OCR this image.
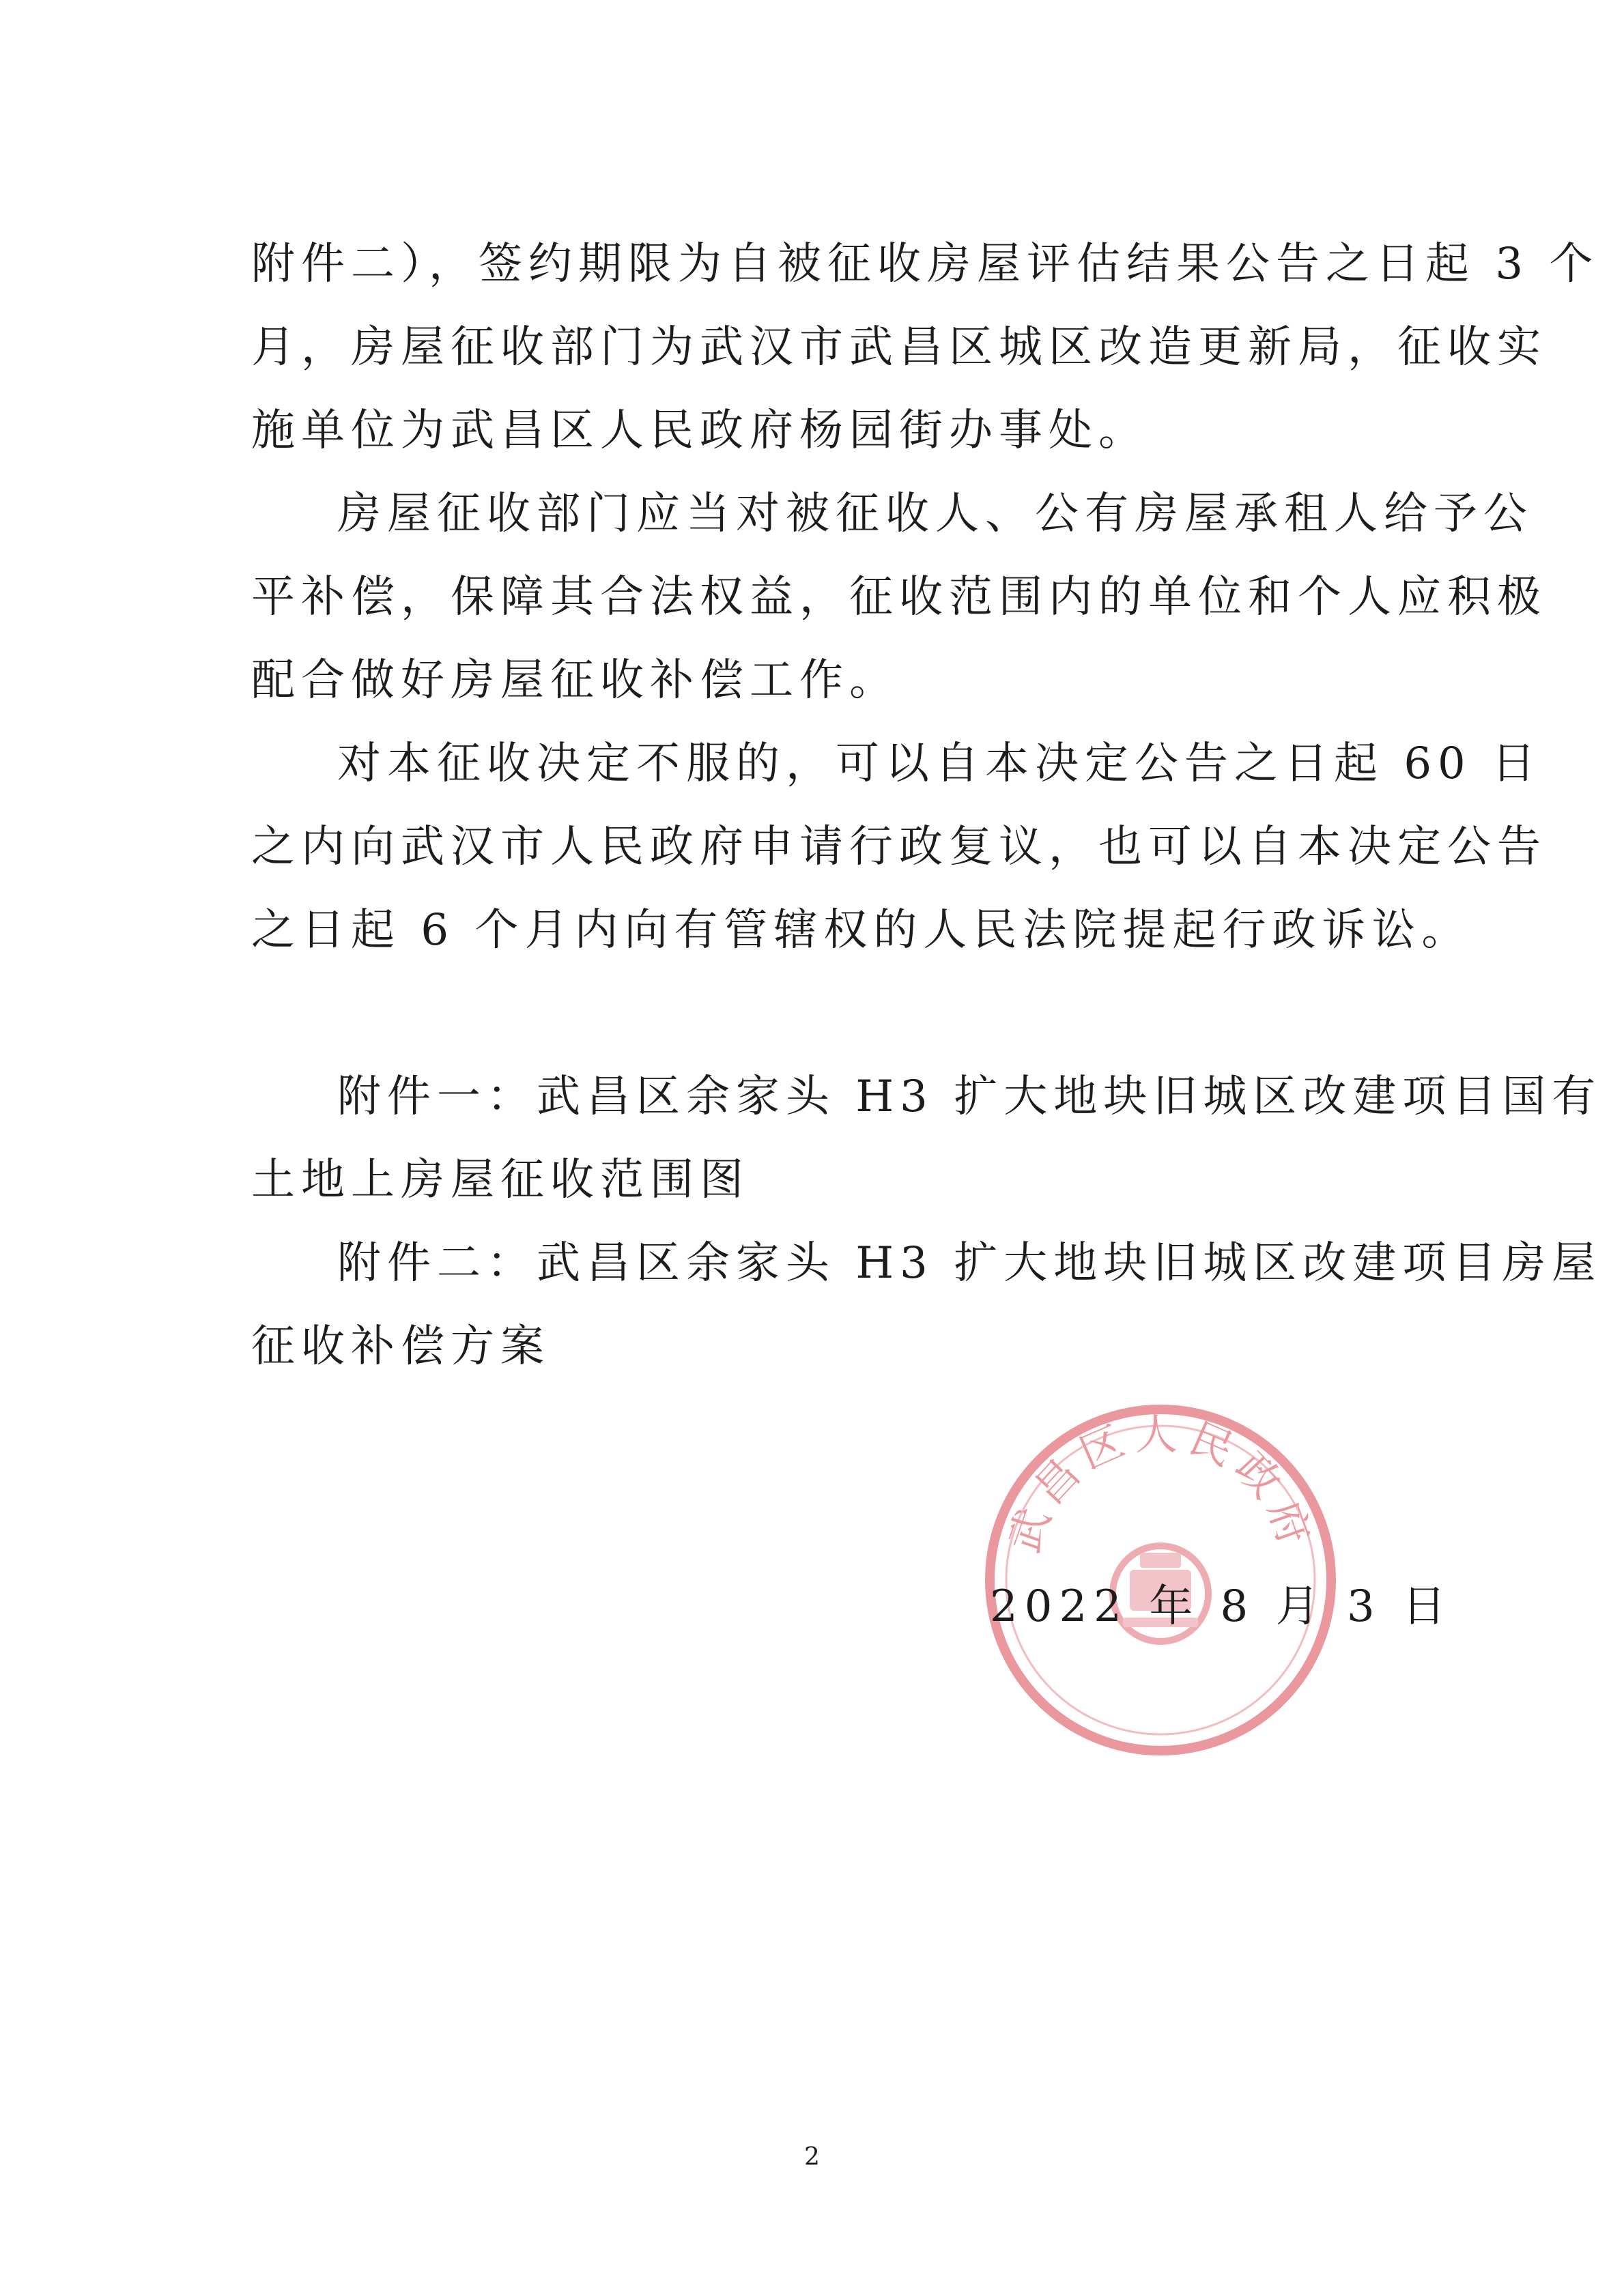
附件二），签约期限为自被征收房屋评估结果公告之日起 3 个
月，房屋征收部门为武汉市武昌区城区改造更新局，征收实
施单位为武昌区人民政府杨园街办事处。
房屋征收部门应当对被征收人、公有房屋承租人给予公
平补偿，保障其合法权益，征收范围内的单位和个人应积极
配合做好房屋征收补偿工作。
对本征收决定不服的，可以自本决定公告之日起 60 日
之内向武汉市人民政府申请行政复议，也可以自本决定公告
之日起 6 个月内向有管辖权的人民法院提起行政诉讼。
附件一：武昌区余家头 H3 扩大地块旧城区改建项目国有
土地上房屋征收范围图
附件二：武昌区余家头 H3 扩大地块旧城区改建项目房屋
征收补偿方案
武昌区人民政府
2022 年 8 月 3 日
2
